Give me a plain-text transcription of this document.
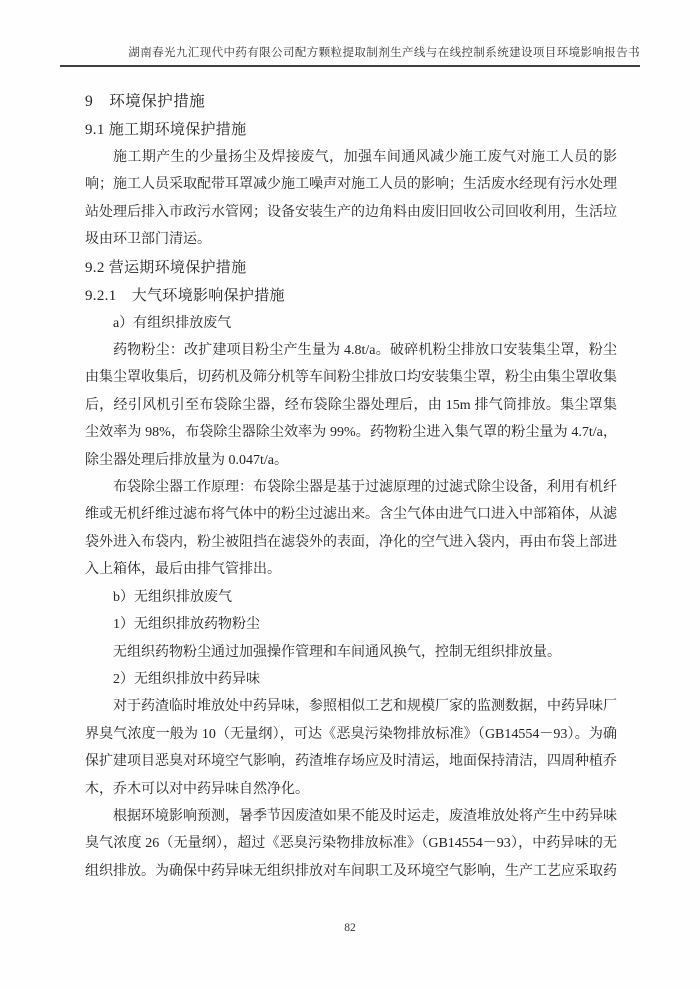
湖南春光九汇现代中药有限公司配方颗粒提取制剂生产线与在线控制系统建设项目环境影响报告书
9　环境保护措施
9.1 施工期环境保护措施

施工期产生的少量扬尘及焊接废气，加强车间通风减少施工废气对施工人员的影响；施工人员采取配带耳罩减少施工噪声对施工人员的影响；生活废水经现有污水处理站处理后排入市政污水管网；设备安装生产的边角料由废旧回收公司回收利用，生活垃圾由环卫部门清运。

9.2 营运期环境保护措施
9.2.1　大气环境影响保护措施

a）有组织排放废气

药物粉尘：改扩建项目粉尘产生量为 4.8t/a。破碎机粉尘排放口安装集尘罩，粉尘由集尘罩收集后，切药机及筛分机等车间粉尘排放口均安装集尘罩，粉尘由集尘罩收集后，经引风机引至布袋除尘器，经布袋除尘器处理后，由 15m 排气筒排放。集尘罩集尘效率为 98%，布袋除尘器除尘效率为 99%。药物粉尘进入集气罩的粉尘量为 4.7t/a，除尘器处理后排放量为 0.047t/a。

布袋除尘器工作原理：布袋除尘器是基于过滤原理的过滤式除尘设备，利用有机纤维或无机纤维过滤布将气体中的粉尘过滤出来。含尘气体由进气口进入中部箱体，从滤袋外进入布袋内，粉尘被阻挡在滤袋外的表面，净化的空气进入袋内，再由布袋上部进入上箱体，最后由排气管排出。

b）无组织排放废气

1）无组织排放药物粉尘

无组织药物粉尘通过加强操作管理和车间通风换气，控制无组织排放量。

2）无组织排放中药异味

对于药渣临时堆放处中药异味，参照相似工艺和规模厂家的监测数据，中药异味厂界臭气浓度一般为 10（无量纲），可达《恶臭污染物排放标准》（GB14554－93）。为确保扩建项目恶臭对环境空气影响，药渣堆存场应及时清运，地面保持清洁，四周种植乔木，乔木可以对中药异味自然净化。

根据环境影响预测，暑季节因废渣如果不能及时运走，废渣堆放处将产生中药异味臭气浓度 26（无量纲），超过《恶臭污染物排放标准》（GB14554－93），中药异味的无组织排放。为确保中药异味无组织排放对车间职工及环境空气影响，生产工艺应采取药

82
